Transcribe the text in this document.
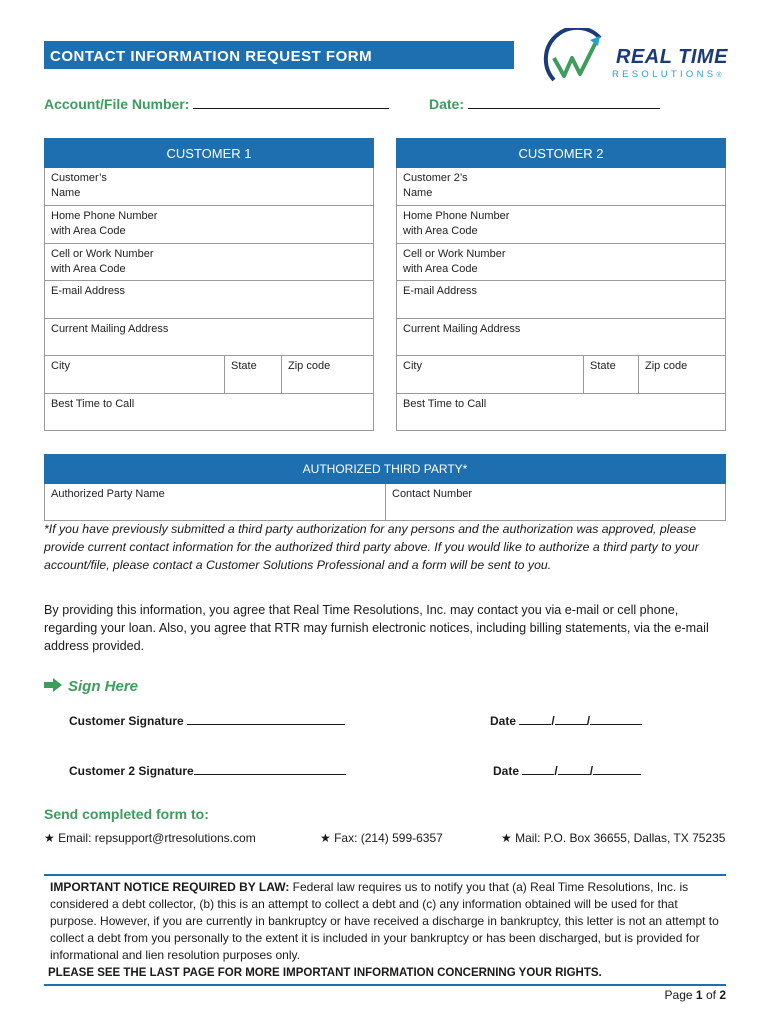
CONTACT INFORMATION REQUEST FORM	REAL TIME
RESOLUTIONS®
Account/File Number:	Date:
CUSTOMER 1
Customer’s
Name
Home Phone Number
with Area Code
Cell or Work Number
with Area Code
E-mail Address
Current Mailing Address
City	State	Zip code
Best Time to Call
CUSTOMER 2
Customer 2’s
Name
Home Phone Number
with Area Code
Cell or Work Number
with Area Code
E-mail Address
Current Mailing Address
City	State	Zip code
Best Time to Call
AUTHORIZED THIRD PARTY*
Authorized Party Name	Contact Number
*If you have previously submitted a third party authorization for any persons and the authorization was approved, please provide current contact information for the authorized third party above. If you would like to authorize a third party to your account/file, please contact a Customer Solutions Professional and a form will be sent to you.
By providing this information, you agree that Real Time Resolutions, Inc. may contact you via e-mail or cell phone, regarding your loan. Also, you agree that RTR may furnish electronic notices, including billing statements, via the e-mail address provided.
Sign Here
Customer Signature	Date	/	/
Customer 2 Signature	Date	/	/
Send completed form to:
★ Email: repsupport@rtresolutions.com	★ Fax: (214) 599-6357	★ Mail: P.O. Box 36655, Dallas, TX 75235
IMPORTANT NOTICE REQUIRED BY LAW: Federal law requires us to notify you that (a) Real Time Resolutions, Inc. is considered a debt collector, (b) this is an attempt to collect a debt and (c) any information obtained will be used for that purpose. However, if you are currently in bankruptcy or have received a discharge in bankruptcy, this letter is not an attempt to collect a debt from you personally to the extent it is included in your bankruptcy or has been discharged, but is provided for informational and lien resolution purposes only.
PLEASE SEE THE LAST PAGE FOR MORE IMPORTANT INFORMATION CONCERNING YOUR RIGHTS.
Page 1 of 2
